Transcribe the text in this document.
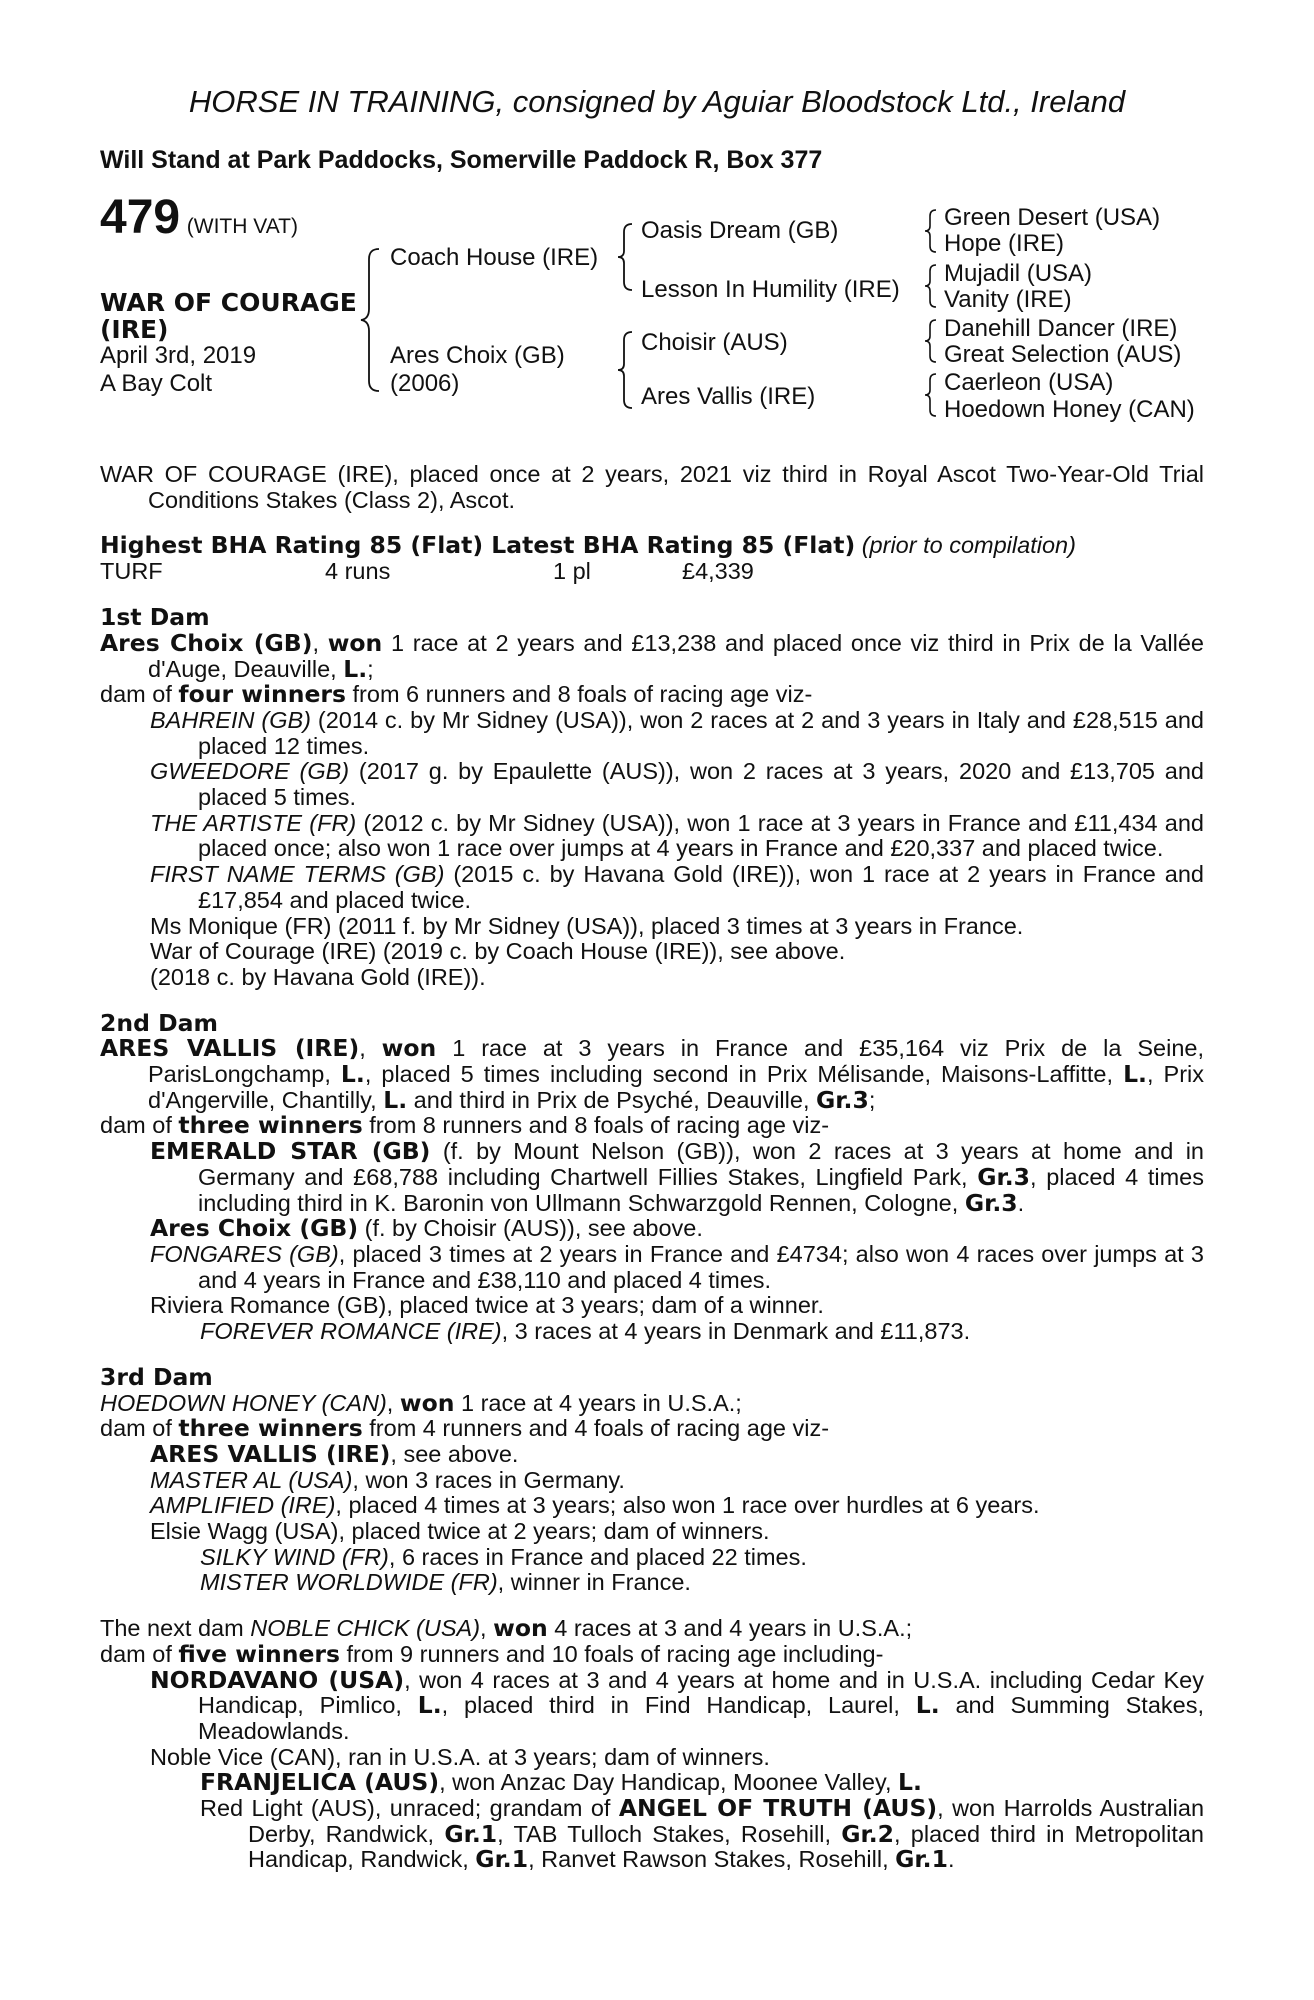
HORSE IN TRAINING, consigned by Aguiar Bloodstock Ltd., Ireland
Will Stand at Park Paddocks, Somerville Paddock R, Box 377
479 (WITH VAT)
WAR OF COURAGE
(IRE)
April 3rd, 2019
A Bay Colt
Coach House (IRE)
Ares Choix (GB)
(2006)
Oasis Dream (GB)
Lesson In Humility (IRE)
Choisir (AUS)
Ares Vallis (IRE)
Green Desert (USA)
Hope (IRE)
Mujadil (USA)
Vanity (IRE)
Danehill Dancer (IRE)
Great Selection (AUS)
Caerleon (USA)
Hoedown Honey (CAN)

WAR OF COURAGE (IRE), placed once at 2 years, 2021 viz third in Royal Ascot Two-Year-Old Trial Conditions Stakes (Class 2), Ascot.

Highest BHA Rating 85 (Flat) Latest BHA Rating 85 (Flat) (prior to compilation)

TURF	4 runs	1 pl	£4,339

1st Dam

Ares Choix (GB), won 1 race at 2 years and £13,238 and placed once viz third in Prix de la Vallée d'Auge, Deauville, L.;

dam of four winners from 6 runners and 8 foals of racing age viz-

BAHREIN (GB) (2014 c. by Mr Sidney (USA)), won 2 races at 2 and 3 years in Italy and £28,515 and placed 12 times.

GWEEDORE (GB) (2017 g. by Epaulette (AUS)), won 2 races at 3 years, 2020 and £13,705 and placed 5 times.

THE ARTISTE (FR) (2012 c. by Mr Sidney (USA)), won 1 race at 3 years in France and £11,434 and placed once; also won 1 race over jumps at 4 years in France and £20,337 and placed twice.

FIRST NAME TERMS (GB) (2015 c. by Havana Gold (IRE)), won 1 race at 2 years in France and £17,854 and placed twice.

Ms Monique (FR) (2011 f. by Mr Sidney (USA)), placed 3 times at 3 years in France.

War of Courage (IRE) (2019 c. by Coach House (IRE)), see above.

(2018 c. by Havana Gold (IRE)).

2nd Dam

ARES VALLIS (IRE), won 1 race at 3 years in France and £35,164 viz Prix de la Seine, ParisLongchamp, L., placed 5 times including second in Prix Mélisande, Maisons-Laffitte, L., Prix d'Angerville, Chantilly, L. and third in Prix de Psyché, Deauville, Gr.3;

dam of three winners from 8 runners and 8 foals of racing age viz-

EMERALD STAR (GB) (f. by Mount Nelson (GB)), won 2 races at 3 years at home and in Germany and £68,788 including Chartwell Fillies Stakes, Lingfield Park, Gr.3, placed 4 times including third in K. Baronin von Ullmann Schwarzgold Rennen, Cologne, Gr.3.

Ares Choix (GB) (f. by Choisir (AUS)), see above.

FONGARES (GB), placed 3 times at 2 years in France and £4734; also won 4 races over jumps at 3 and 4 years in France and £38,110 and placed 4 times.

Riviera Romance (GB), placed twice at 3 years; dam of a winner.

FOREVER ROMANCE (IRE), 3 races at 4 years in Denmark and £11,873.

3rd Dam

HOEDOWN HONEY (CAN), won 1 race at 4 years in U.S.A.;

dam of three winners from 4 runners and 4 foals of racing age viz-

ARES VALLIS (IRE), see above.

MASTER AL (USA), won 3 races in Germany.

AMPLIFIED (IRE), placed 4 times at 3 years; also won 1 race over hurdles at 6 years.

Elsie Wagg (USA), placed twice at 2 years; dam of winners.

SILKY WIND (FR), 6 races in France and placed 22 times.

MISTER WORLDWIDE (FR), winner in France.

The next dam NOBLE CHICK (USA), won 4 races at 3 and 4 years in U.S.A.;

dam of five winners from 9 runners and 10 foals of racing age including-

NORDAVANO (USA), won 4 races at 3 and 4 years at home and in U.S.A. including Cedar Key Handicap, Pimlico, L., placed third in Find Handicap, Laurel, L. and Summing Stakes, Meadowlands.

Noble Vice (CAN), ran in U.S.A. at 3 years; dam of winners.

FRANJELICA (AUS), won Anzac Day Handicap, Moonee Valley, L.

Red Light (AUS), unraced; grandam of ANGEL OF TRUTH (AUS), won Harrolds Australian Derby, Randwick, Gr.1, TAB Tulloch Stakes, Rosehill, Gr.2, placed third in Metropolitan Handicap, Randwick, Gr.1, Ranvet Rawson Stakes, Rosehill, Gr.1.
